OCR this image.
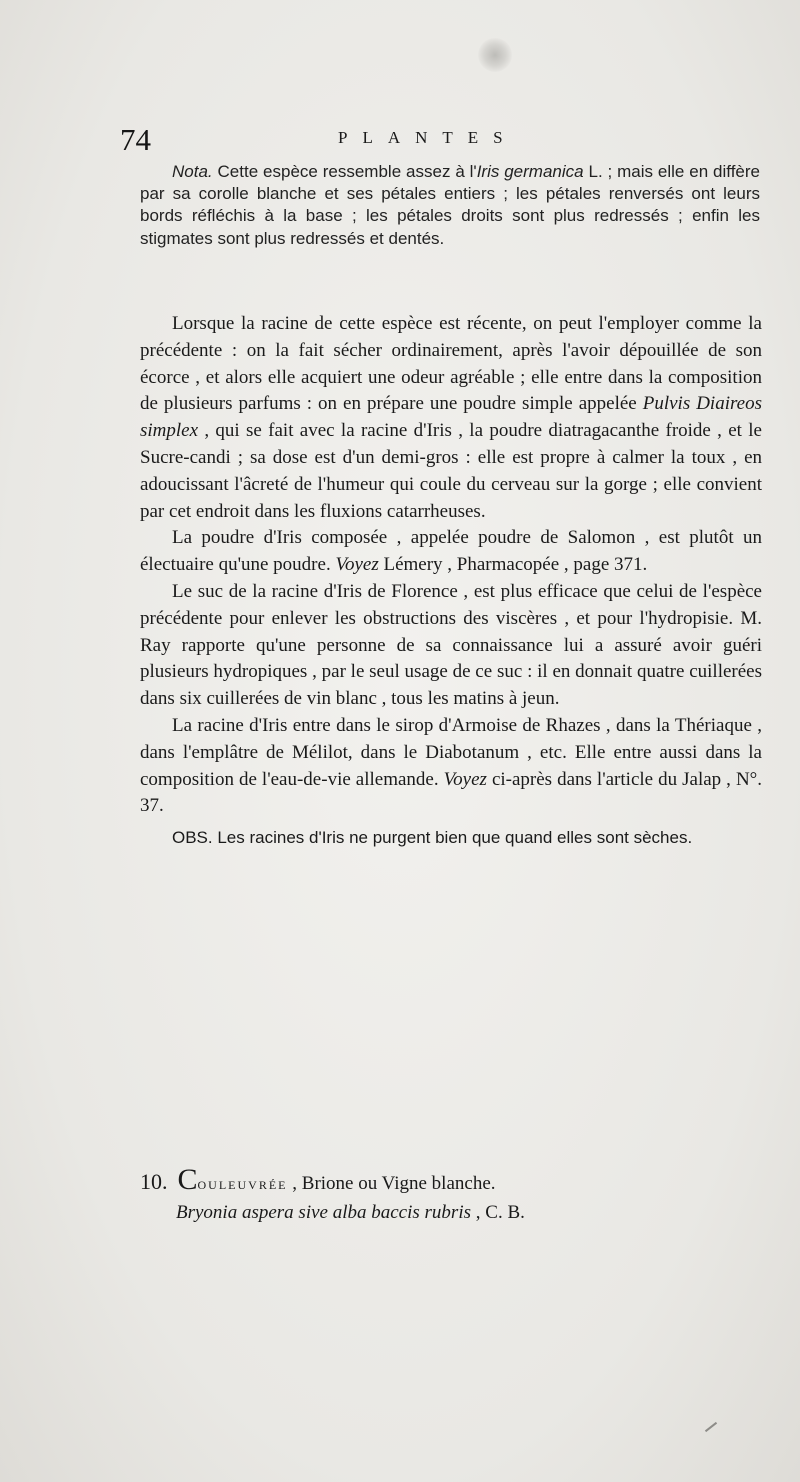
74	PLANTES

Nota. Cette espèce ressemble assez à l'Iris germanica L. ; mais elle en diffère par sa corolle blanche et ses pétales entiers ; les pétales renversés ont leurs bords réfléchis à la base ; les pétales droits sont plus redressés ; enfin les stigmates sont plus redressés et dentés.

Lorsque la racine de cette espèce est récente, on peut l'employer comme la précédente : on la fait sécher ordinairement, après l'avoir dépouillée de son écorce , et alors elle acquiert une odeur agréable ; elle entre dans la composition de plusieurs parfums : on en prépare une poudre simple appelée Pulvis Diaireos simplex , qui se fait avec la racine d'Iris , la poudre diatragacanthe froide , et le Sucre-candi ; sa dose est d'un demi-gros : elle est propre à calmer la toux , en adoucissant l'âcreté de l'humeur qui coule du cerveau sur la gorge ; elle convient par cet endroit dans les fluxions catarrheuses.

La poudre d'Iris composée , appelée poudre de Salomon , est plutôt un électuaire qu'une poudre. Voyez Lémery , Pharmacopée , page 371.

Le suc de la racine d'Iris de Florence , est plus efficace que celui de l'espèce précédente pour enlever les obstructions des viscères , et pour l'hydropisie. M. Ray rapporte qu'une personne de sa connaissance lui a assuré avoir guéri plusieurs hydropiques , par le seul usage de ce suc : il en donnait quatre cuillerées dans six cuillerées de vin blanc , tous les matins à jeun.

La racine d'Iris entre dans le sirop d'Armoise de Rhazes , dans la Thériaque , dans l'emplâtre de Mélilot, dans le Diabotanum , etc. Elle entre aussi dans la composition de l'eau-de-vie allemande. Voyez ci-après dans l'article du Jalap , N°. 37.

OBS. Les racines d'Iris ne purgent bien que quand elles sont sèches.

10. COULEUVRÉE , Brione ou Vigne blanche.
Bryonia aspera sive alba baccis rubris , C. B.
